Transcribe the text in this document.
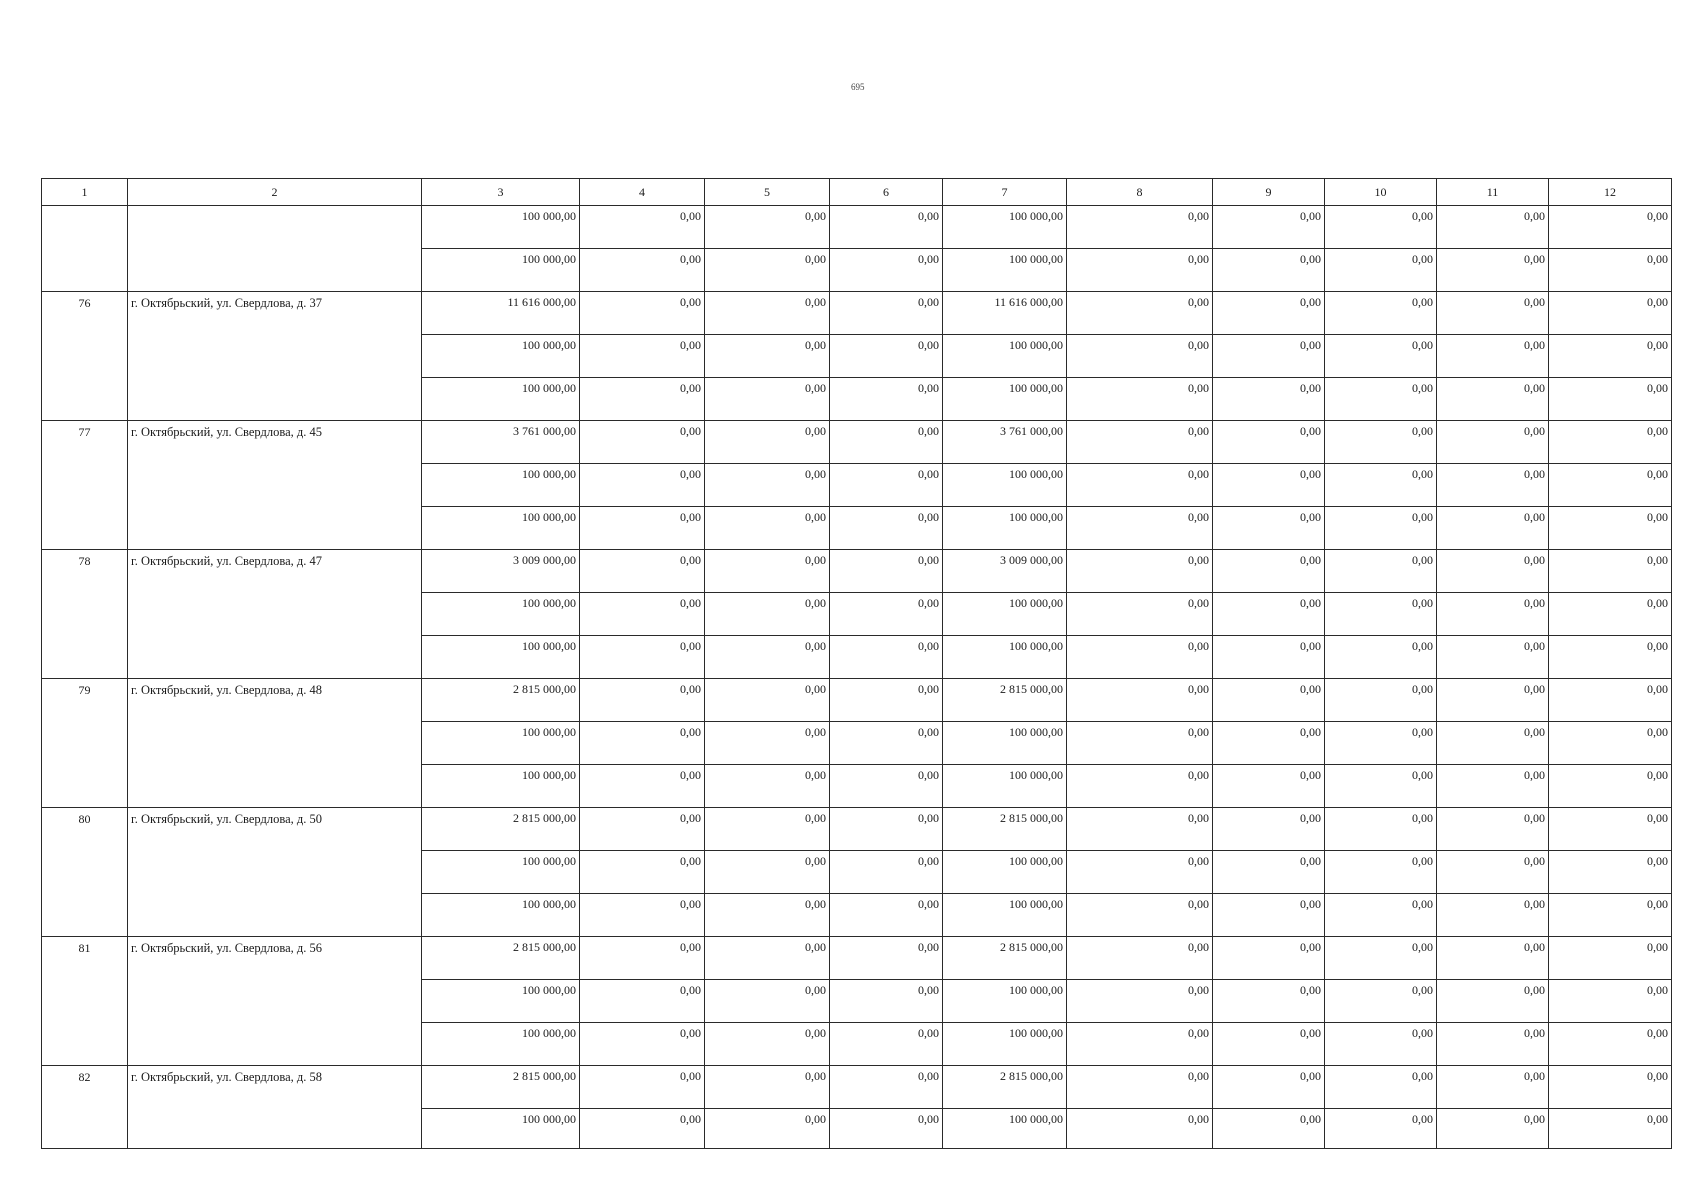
695
1	2	3	4	5	6	7	8	9	10	11	12
		100 000,00	0,00	0,00	0,00	100 000,00	0,00	0,00	0,00	0,00	0,00
		100 000,00	0,00	0,00	0,00	100 000,00	0,00	0,00	0,00	0,00	0,00
76	г. Октябрьский, ул. Свердлова, д. 37	11 616 000,00	0,00	0,00	0,00	11 616 000,00	0,00	0,00	0,00	0,00	0,00
		100 000,00	0,00	0,00	0,00	100 000,00	0,00	0,00	0,00	0,00	0,00
		100 000,00	0,00	0,00	0,00	100 000,00	0,00	0,00	0,00	0,00	0,00
77	г. Октябрьский, ул. Свердлова, д. 45	3 761 000,00	0,00	0,00	0,00	3 761 000,00	0,00	0,00	0,00	0,00	0,00
		100 000,00	0,00	0,00	0,00	100 000,00	0,00	0,00	0,00	0,00	0,00
		100 000,00	0,00	0,00	0,00	100 000,00	0,00	0,00	0,00	0,00	0,00
78	г. Октябрьский, ул. Свердлова, д. 47	3 009 000,00	0,00	0,00	0,00	3 009 000,00	0,00	0,00	0,00	0,00	0,00
		100 000,00	0,00	0,00	0,00	100 000,00	0,00	0,00	0,00	0,00	0,00
		100 000,00	0,00	0,00	0,00	100 000,00	0,00	0,00	0,00	0,00	0,00
79	г. Октябрьский, ул. Свердлова, д. 48	2 815 000,00	0,00	0,00	0,00	2 815 000,00	0,00	0,00	0,00	0,00	0,00
		100 000,00	0,00	0,00	0,00	100 000,00	0,00	0,00	0,00	0,00	0,00
		100 000,00	0,00	0,00	0,00	100 000,00	0,00	0,00	0,00	0,00	0,00
80	г. Октябрьский, ул. Свердлова, д. 50	2 815 000,00	0,00	0,00	0,00	2 815 000,00	0,00	0,00	0,00	0,00	0,00
		100 000,00	0,00	0,00	0,00	100 000,00	0,00	0,00	0,00	0,00	0,00
		100 000,00	0,00	0,00	0,00	100 000,00	0,00	0,00	0,00	0,00	0,00
81	г. Октябрьский, ул. Свердлова, д. 56	2 815 000,00	0,00	0,00	0,00	2 815 000,00	0,00	0,00	0,00	0,00	0,00
		100 000,00	0,00	0,00	0,00	100 000,00	0,00	0,00	0,00	0,00	0,00
		100 000,00	0,00	0,00	0,00	100 000,00	0,00	0,00	0,00	0,00	0,00
82	г. Октябрьский, ул. Свердлова, д. 58	2 815 000,00	0,00	0,00	0,00	2 815 000,00	0,00	0,00	0,00	0,00	0,00
		100 000,00	0,00	0,00	0,00	100 000,00	0,00	0,00	0,00	0,00	0,00
